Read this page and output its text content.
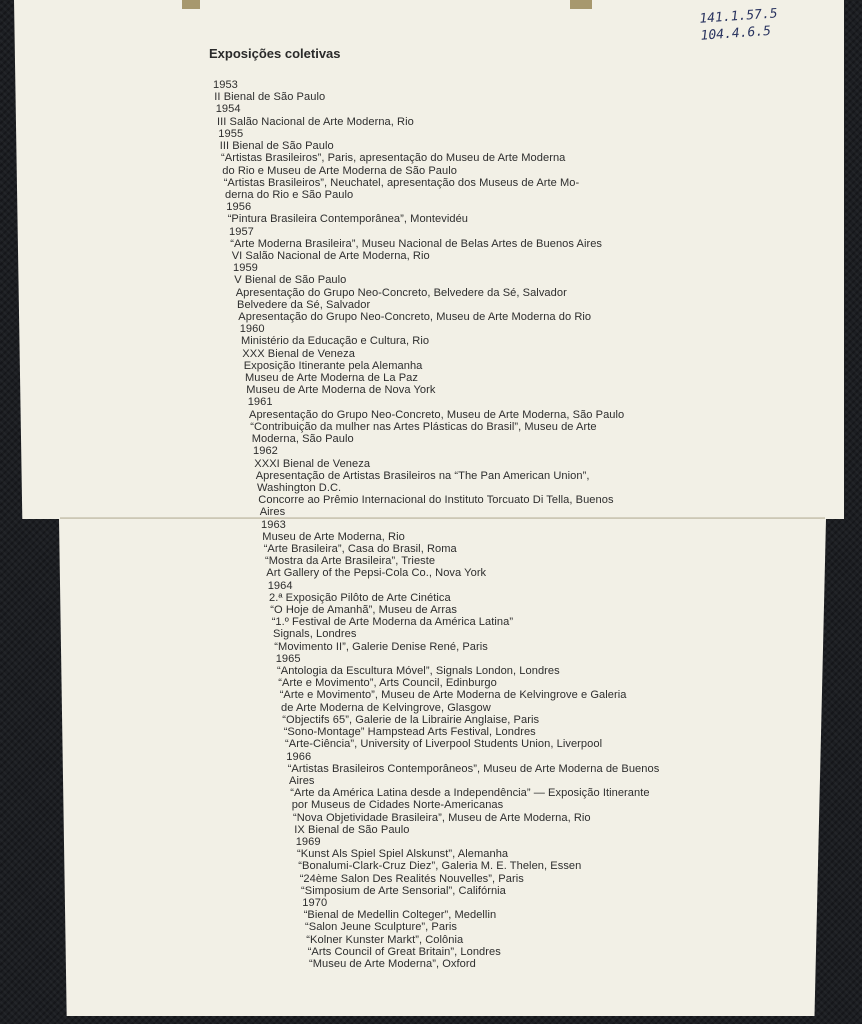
141.1.57.5
104.4.6.5
Exposições coletivas
1953
II Bienal de São Paulo
1954
III Salão Nacional de Arte Moderna, Rio
1955
III Bienal de São Paulo
“Artistas Brasileiros”, Paris, apresentação do Museu de Arte Moderna
do Rio e Museu de Arte Moderna de São Paulo
“Artistas Brasileiros”, Neuchatel, apresentação dos Museus de Arte Mo-
derna do Rio e São Paulo
1956
“Pintura Brasileira Contemporânea”, Montevidéu
1957
“Arte Moderna Brasileira”, Museu Nacional de Belas Artes de Buenos Aires
VI Salão Nacional de Arte Moderna, Rio
1959
V Bienal de São Paulo
Apresentação do Grupo Neo-Concreto, Belvedere da Sé, Salvador
Belvedere da Sé, Salvador
Apresentação do Grupo Neo-Concreto, Museu de Arte Moderna do Rio
1960
Ministério da Educação e Cultura, Rio
XXX Bienal de Veneza
Exposição Itinerante pela Alemanha
Museu de Arte Moderna de La Paz
Museu de Arte Moderna de Nova York
1961
Apresentação do Grupo Neo-Concreto, Museu de Arte Moderna, São Paulo
“Contribuição da mulher nas Artes Plásticas do Brasil”, Museu de Arte
Moderna, São Paulo
1962
XXXI Bienal de Veneza
Apresentação de Artistas Brasileiros na “The Pan American Union”,
Washington D.C.
Concorre ao Prêmio Internacional do Instituto Torcuato Di Tella, Buenos
Aires
1963
Museu de Arte Moderna, Rio
“Arte Brasileira”, Casa do Brasil, Roma
“Mostra da Arte Brasileira”, Trieste
Art Gallery of the Pepsi-Cola Co., Nova York
1964
2.ª Exposição Pilôto de Arte Cinética
“O Hoje de Amanhã”, Museu de Arras
“1.º Festival de Arte Moderna da América Latina”
Signals, Londres
“Movimento II”, Galerie Denise René, Paris
1965
“Antologia da Escultura Móvel”, Signals London, Londres
“Arte e Movimento”, Arts Council, Edinburgo
“Arte e Movimento”, Museu de Arte Moderna de Kelvingrove e Galeria
de Arte Moderna de Kelvingrove, Glasgow
“Objectifs 65”, Galerie de la Librairie Anglaise, Paris
“Sono-Montage” Hampstead Arts Festival, Londres
“Arte-Ciência”, University of Liverpool Students Union, Liverpool
1966
“Artistas Brasileiros Contemporâneos”, Museu de Arte Moderna de Buenos
Aires
“Arte da América Latina desde a Independência” — Exposição Itinerante
por Museus de Cidades Norte-Americanas
“Nova Objetividade Brasileira”, Museu de Arte Moderna, Rio
IX Bienal de São Paulo
1969
“Kunst Als Spiel Spiel Alskunst”, Alemanha
“Bonalumi-Clark-Cruz Diez”, Galeria M. E. Thelen, Essen
“24ème Salon Des Realités Nouvelles”, Paris
“Simposium de Arte Sensorial”, Califórnia
1970
“Bienal de Medellin Colteger”, Medellin
“Salon Jeune Sculpture”, Paris
“Kolner Kunster Markt”, Colônia
“Arts Council of Great Britain”, Londres
“Museu de Arte Moderna”, Oxford
